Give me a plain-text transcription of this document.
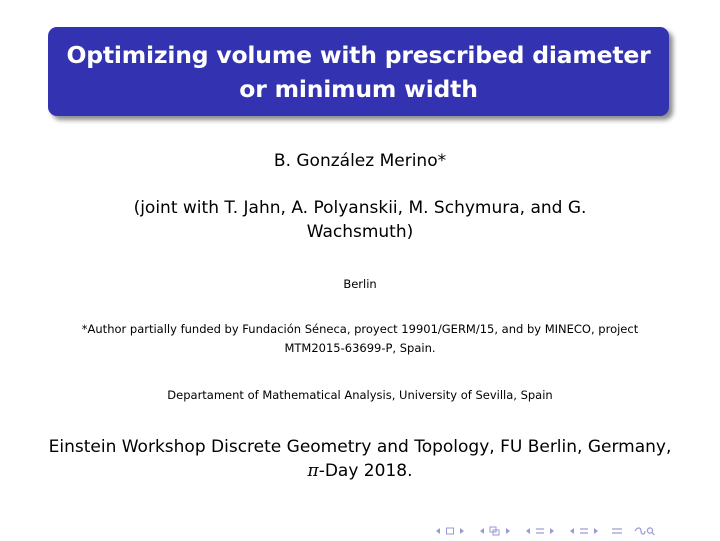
Optimizing volume with prescribed diameter or minimum width
B. González Merino*
(joint with T. Jahn, A. Polyanskii, M. Schymura, and G. Wachsmuth)
Berlin
*Author partially funded by Fundación Séneca, proyect 19901/GERM/15, and by MINECO, project MTM2015-63699-P, Spain.
Departament of Mathematical Analysis, University of Sevilla, Spain
Einstein Workshop Discrete Geometry and Topology, FU Berlin, Germany, π-Day 2018.
